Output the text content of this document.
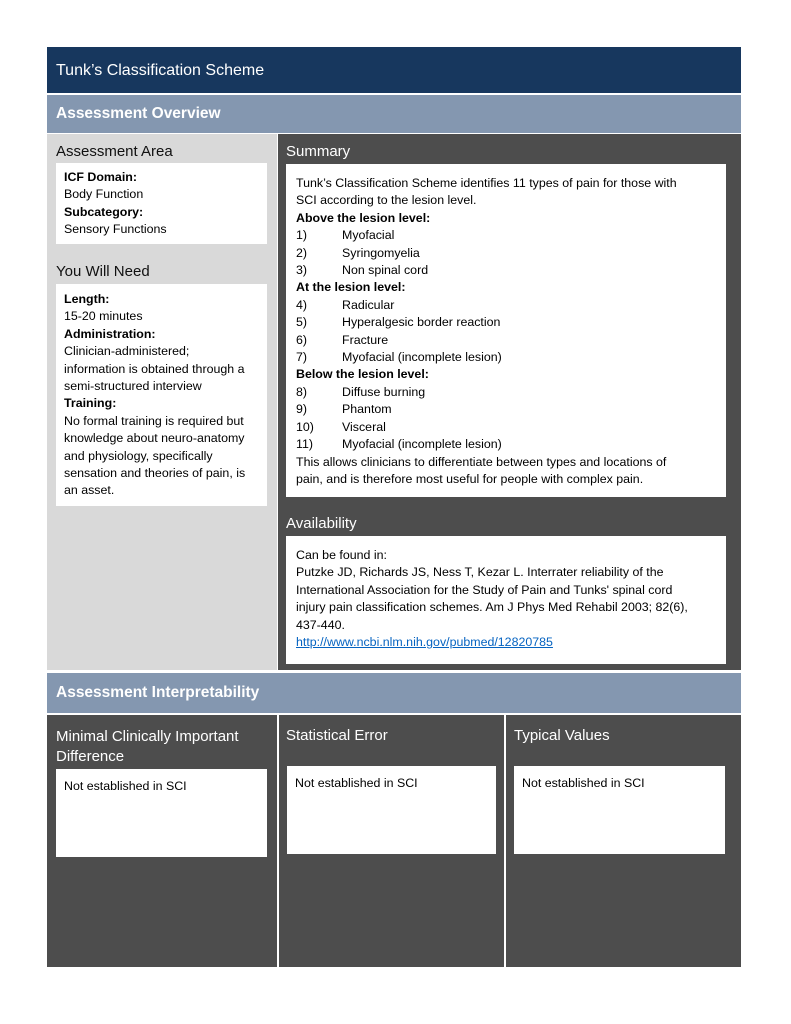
Tunk’s Classification Scheme
Assessment Overview
Assessment Area

ICF Domain:

Body Function

Subcategory:

Sensory Functions

You Will Need

Length:

15-20 minutes

Administration:

Clinician-administered;

information is obtained through a

semi-structured interview

Training:

No formal training is required but

knowledge about neuro-anatomy

and physiology, specifically

sensation and theories of pain, is

an asset.

Summary

Tunk’s Classification Scheme identifies 11 types of pain for those with

SCI according to the lesion level.

Above the lesion level:

1)	Myofacial
2)	Syringomyelia
3)	Non spinal cord

At the lesion level:

4)	Radicular
5)	Hyperalgesic border reaction
6)	Fracture
7)	Myofacial (incomplete lesion)

Below the lesion level:

8)	Diffuse burning
9)	Phantom
10)	Visceral
11)	Myofacial (incomplete lesion)

This allows clinicians to differentiate between types and locations of

pain, and is therefore most useful for people with complex pain.

Availability

Can be found in:

Putzke JD, Richards JS, Ness T, Kezar L. Interrater reliability of the

International Association for the Study of Pain and Tunks' spinal cord

injury pain classification schemes. Am J Phys Med Rehabil 2003; 82(6),

437-440.

http://www.ncbi.nlm.nih.gov/pubmed/12820785

Assessment Interpretability
Minimal Clinically Important
Difference

Not established in SCI

Statistical Error

Not established in SCI

Typical Values

Not established in SCI
